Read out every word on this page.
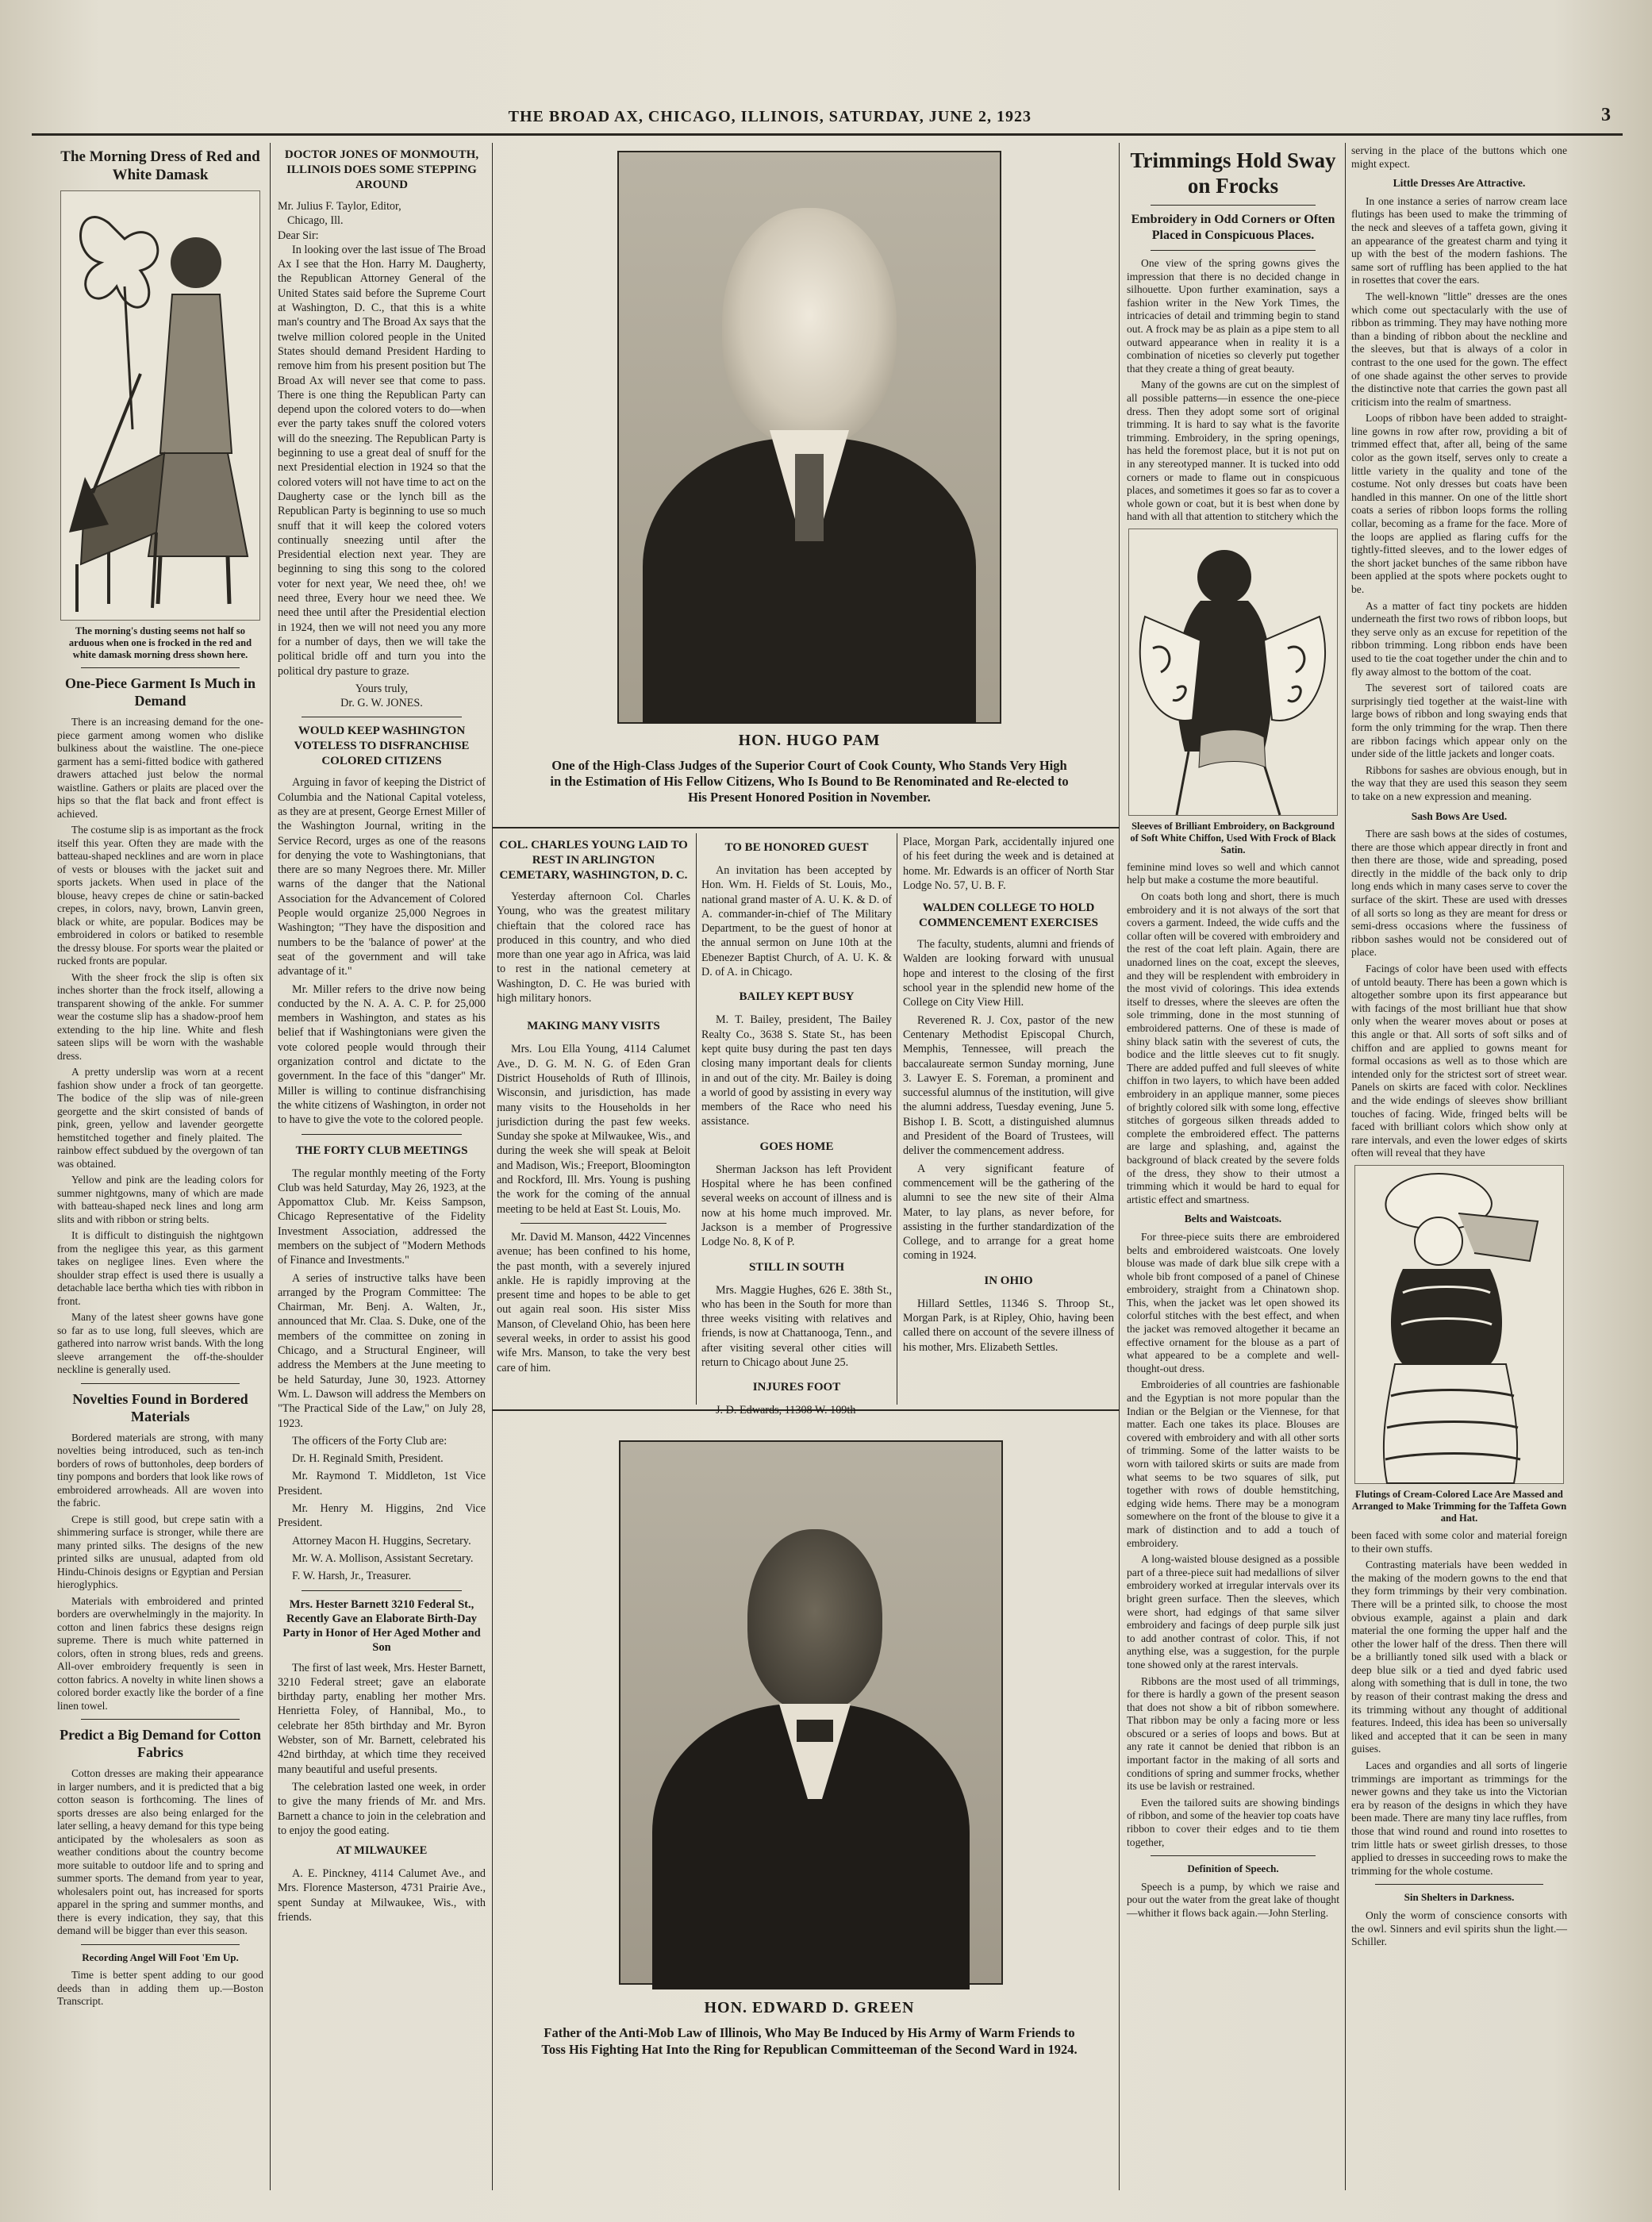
THE BROAD AX, CHICAGO, ILLINOIS, SATURDAY, JUNE 2, 1923	3
The Morning Dress of Red and White Damask
The morning's dusting seems not half so arduous when one is frocked in the red and white damask morning dress shown here.
One-Piece Garment Is Much in Demand

There is an increasing demand for the one-piece garment among women who dislike bulkiness about the waistline. The one-piece garment has a semi-fitted bodice with gathered drawers attached just below the normal waistline. Gathers or plaits are placed over the hips so that the flat back and front effect is achieved.

The costume slip is as important as the frock itself this year. Often they are made with the batteau-shaped necklines and are worn in place of vests or blouses with the jacket suit and sports jackets. When used in place of the blouse, heavy crepes de chine or satin-backed crepes, in colors, navy, brown, Lanvin green, black or white, are popular. Bodices may be embroidered in colors or batiked to resemble the dressy blouse. For sports wear the plaited or rucked fronts are popular.

With the sheer frock the slip is often six inches shorter than the frock itself, allowing a transparent showing of the ankle. For summer wear the costume slip has a shadow-proof hem extending to the hip line. White and flesh sateen slips will be worn with the washable dress.

A pretty underslip was worn at a recent fashion show under a frock of tan georgette. The bodice of the slip was of nile-green georgette and the skirt consisted of bands of pink, green, yellow and lavender georgette hemstitched together and finely plaited. The rainbow effect subdued by the overgown of tan was obtained.

Yellow and pink are the leading colors for summer nightgowns, many of which are made with batteau-shaped neck lines and long arm slits and with ribbon or string belts.

It is difficult to distinguish the nightgown from the negligee this year, as this garment takes on negligee lines. Even where the shoulder strap effect is used there is usually a detachable lace bertha which ties with ribbon in front.

Many of the latest sheer gowns have gone so far as to use long, full sleeves, which are gathered into narrow wrist bands. With the long sleeve arrangement the off-the-shoulder neckline is generally used.

Novelties Found in Bordered Materials

Bordered materials are strong, with many novelties being introduced, such as ten-inch borders of rows of buttonholes, deep borders of tiny pompons and borders that look like rows of embroidered arrowheads. All are woven into the fabric.

Crepe is still good, but crepe satin with a shimmering surface is stronger, while there are many printed silks. The designs of the new printed silks are unusual, adapted from old Hindu-Chinois designs or Egyptian and Persian hieroglyphics.

Materials with embroidered and printed borders are overwhelmingly in the majority. In cotton and linen fabrics these designs reign supreme. There is much white patterned in colors, often in strong blues, reds and greens. All-over embroidery frequently is seen in cotton fabrics. A novelty in white linen shows a colored border exactly like the border of a fine linen towel.

Predict a Big Demand for Cotton Fabrics

Cotton dresses are making their appearance in larger numbers, and it is predicted that a big cotton season is forthcoming. The lines of sports dresses are also being enlarged for the later selling, a heavy demand for this type being anticipated by the wholesalers as soon as weather conditions about the country become more suitable to outdoor life and to spring and summer sports. The demand from year to year, wholesalers point out, has increased for sports apparel in the spring and summer months, and there is every indication, they say, that this demand will be bigger than ever this season.

Recording Angel Will Foot 'Em Up.

Time is better spent adding to our good deeds than in adding them up.—Boston Transcript.

DOCTOR JONES OF MONMOUTH, ILLINOIS DOES SOME STEPPING AROUND
Mr. Julius F. Taylor, Editor,
Chicago, Ill.
Dear Sir:

In looking over the last issue of The Broad Ax I see that the Hon. Harry M. Daugherty, the Republican Attorney General of the United States said before the Supreme Court at Washington, D. C., that this is a white man's country and The Broad Ax says that the twelve million colored people in the United States should demand President Harding to remove him from his present position but The Broad Ax will never see that come to pass. There is one thing the Republican Party can depend upon the colored voters to do—when ever the party takes snuff the colored voters will do the sneezing. The Republican Party is beginning to use a great deal of snuff for the next Presidential election in 1924 so that the colored voters will not have time to act on the Daugherty case or the lynch bill as the Republican Party is beginning to use so much snuff that it will keep the colored voters continually sneezing until after the Presidential election next year. They are beginning to sing this song to the colored voter for next year, We need thee, oh! we need three, Every hour we need thee. We need thee until after the Presidential election in 1924, then we will not need you any more for a number of days, then we will take the political bridle off and turn you into the political dry pasture to graze.

Yours truly,
Dr. G. W. JONES.
WOULD KEEP WASHINGTON VOTELESS TO DISFRANCHISE COLORED CITIZENS

Arguing in favor of keeping the District of Columbia and the National Capital voteless, as they are at present, George Ernest Miller of the Washington Journal, writing in the Service Record, urges as one of the reasons for denying the vote to Washingtonians, that there are so many Negroes there. Mr. Miller warns of the danger that the National Association for the Advancement of Colored People would organize 25,000 Negroes in Washington; "They have the disposition and numbers to be the 'balance of power' at the seat of the government and will take advantage of it."

Mr. Miller refers to the drive now being conducted by the N. A. A. C. P. for 25,000 members in Washington, and states as his belief that if Washingtonians were given the vote colored people would through their organization control and dictate to the government. In the face of this "danger" Mr. Miller is willing to continue disfranchising the white citizens of Washington, in order not to have to give the vote to the colored people.

THE FORTY CLUB MEETINGS

The regular monthly meeting of the Forty Club was held Saturday, May 26, 1923, at the Appomattox Club. Mr. Keiss Sampson, Chicago Representative of the Fidelity Investment Association, addressed the members on the subject of "Modern Methods of Finance and Investments."

A series of instructive talks have been arranged by the Program Committee: The Chairman, Mr. Benj. A. Walten, Jr., announced that Mr. Claa. S. Duke, one of the members of the committee on zoning in Chicago, and a Structural Engineer, will address the Members at the June meeting to be held Saturday, June 30, 1923. Attorney Wm. L. Dawson will address the Members on "The Practical Side of the Law," on July 28, 1923.

The officers of the Forty Club are:

Dr. H. Reginald Smith, President.

Mr. Raymond T. Middleton, 1st Vice President.

Mr. Henry M. Higgins, 2nd Vice President.

Attorney Macon H. Huggins, Secretary.

Mr. W. A. Mollison, Assistant Secretary.

F. W. Harsh, Jr., Treasurer.

Mrs. Hester Barnett 3210 Federal St., Recently Gave an Elaborate Birth-Day Party in Honor of Her Aged Mother and Son

The first of last week, Mrs. Hester Barnett, 3210 Federal street; gave an elaborate birthday party, enabling her mother Mrs. Henrietta Foley, of Hannibal, Mo., to celebrate her 85th birthday and Mr. Byron Webster, son of Mr. Barnett, celebrated his 42nd birthday, at which time they received many beautiful and useful presents.

The celebration lasted one week, in order to give the many friends of Mr. and Mrs. Barnett a chance to join in the celebration and to enjoy the good eating.

AT MILWAUKEE

A. E. Pinckney, 4114 Calumet Ave., and Mrs. Florence Masterson, 4731 Prairie Ave., spent Sunday at Milwaukee, Wis., with friends.

HON. HUGO PAM
One of the High-Class Judges of the Superior Court of Cook County, Who Stands Very High in the Estimation of His Fellow Citizens, Who Is Bound to Be Renominated and Re-elected to His Present Honored Position in November.
COL. CHARLES YOUNG LAID TO REST IN ARLINGTON CEMETARY, WASHINGTON, D. C.

Yesterday afternoon Col. Charles Young, who was the greatest military chieftain that the colored race has produced in this country, and who died more than one year ago in Africa, was laid to rest in the national cemetery at Washington, D. C. He was buried with high military honors.

MAKING MANY VISITS

Mrs. Lou Ella Young, 4114 Calumet Ave., D. G. M. N. G. of Eden Gran District Households of Ruth of Illinois, Wisconsin, and jurisdiction, has made many visits to the Households in her jurisdiction during the past few weeks. Sunday she spoke at Milwaukee, Wis., and during the week she will speak at Beloit and Madison, Wis.; Freeport, Bloomington and Rockford, Ill. Mrs. Young is pushing the work for the coming of the annual meeting to be held at East St. Louis, Mo.

Mr. David M. Manson, 4422 Vincennes avenue; has been confined to his home, the past month, with a severely injured ankle. He is rapidly improving at the present time and hopes to be able to get out again real soon. His sister Miss Manson, of Cleveland Ohio, has been here several weeks, in order to assist his good wife Mrs. Manson, to take the very best care of him.

TO BE HONORED GUEST

An invitation has been accepted by Hon. Wm. H. Fields of St. Louis, Mo., national grand master of A. U. K. & D. of A. commander-in-chief of The Military Department, to be the guest of honor at the annual sermon on June 10th at the Ebenezer Baptist Church, of A. U. K. & D. of A. in Chicago.

BAILEY KEPT BUSY

M. T. Bailey, president, The Bailey Realty Co., 3638 S. State St., has been kept quite busy during the past ten days closing many important deals for clients in and out of the city. Mr. Bailey is doing a world of good by assisting in every way members of the Race who need his assistance.

GOES HOME

Sherman Jackson has left Provident Hospital where he has been confined several weeks on account of illness and is now at his home much improved. Mr. Jackson is a member of Progressive Lodge No. 8, K of P.

STILL IN SOUTH

Mrs. Maggie Hughes, 626 E. 38th St., who has been in the South for more than three weeks visiting with relatives and friends, is now at Chattanooga, Tenn., and after visiting several other cities will return to Chicago about June 25.

INJURES FOOT

J. D. Edwards, 11308 W. 109th

Place, Morgan Park, accidentally injured one of his feet during the week and is detained at home. Mr. Edwards is an officer of North Star Lodge No. 57, U. B. F.

WALDEN COLLEGE TO HOLD COMMENCEMENT EXERCISES

The faculty, students, alumni and friends of Walden are looking forward with unusual hope and interest to the closing of the first school year in the splendid new home of the College on City View Hill.

Reverened R. J. Cox, pastor of the new Centenary Methodist Episcopal Church, Memphis, Tennessee, will preach the baccalaureate sermon Sunday morning, June 3. Lawyer E. S. Foreman, a prominent and successful alumnus of the institution, will give the alumni address, Tuesday evening, June 5. Bishop I. B. Scott, a distinguished alumnus and President of the Board of Trustees, will deliver the commencement address.

A very significant feature of commencement will be the gathering of the alumni to see the new site of their Alma Mater, to lay plans, as never before, for assisting in the further standardization of the College, and to arrange for a great home coming in 1924.

IN OHIO

Hillard Settles, 11346 S. Throop St., Morgan Park, is at Ripley, Ohio, having been called there on account of the severe illness of his mother, Mrs. Elizabeth Settles.

HON. EDWARD D. GREEN
Father of the Anti-Mob Law of Illinois, Who May Be Induced by His Army of Warm Friends to Toss His Fighting Hat Into the Ring for Republican Committeeman of the Second Ward in 1924.
Trimmings Hold Sway on Frocks
Embroidery in Odd Corners or Often Placed in Conspicuous Places.

One view of the spring gowns gives the impression that there is no decided change in silhouette. Upon further examination, says a fashion writer in the New York Times, the intricacies of detail and trimming begin to stand out. A frock may be as plain as a pipe stem to all outward appearance when in reality it is a combination of niceties so cleverly put together that they create a thing of great beauty.

Many of the gowns are cut on the simplest of all possible patterns—in essence the one-piece dress. Then they adopt some sort of original trimming. It is hard to say what is the favorite trimming. Embroidery, in the spring openings, has held the foremost place, but it is not put on in any stereotyped manner. It is tucked into odd corners or made to flame out in conspicuous places, and sometimes it goes so far as to cover a whole gown or coat, but it is best when done by hand with all that attention to stitchery which the

Sleeves of Brilliant Embroidery, on Background of Soft White Chiffon, Used With Frock of Black Satin.

feminine mind loves so well and which cannot help but make a costume the more beautiful.

On coats both long and short, there is much embroidery and it is not always of the sort that covers a garment. Indeed, the wide cuffs and the collar often will be covered with embroidery and the rest of the coat left plain. Again, there are unadorned lines on the coat, except the sleeves, and they will be resplendent with embroidery in the most vivid of colorings. This idea extends itself to dresses, where the sleeves are often the sole trimming, done in the most stunning of embroidered patterns. One of these is made of shiny black satin with the severest of cuts, the bodice and the little sleeves cut to fit snugly. There are added puffed and full sleeves of white chiffon in two layers, to which have been added embroidery in an applique manner, some pieces of brightly colored silk with some long, effective stitches of gorgeous silken threads added to complete the embroidered effect. The patterns are large and splashing, and, against the background of black created by the severe folds of the dress, they show to their utmost a trimming which it would be hard to equal for artistic effect and smartness.

Belts and Waistcoats.

For three-piece suits there are embroidered belts and embroidered waistcoats. One lovely blouse was made of dark blue silk crepe with a whole bib front composed of a panel of Chinese embroidery, straight from a Chinatown shop. This, when the jacket was let open showed its colorful stitches with the best effect, and when the jacket was removed altogether it became an effective ornament for the blouse as a part of what appeared to be a complete and well-thought-out dress.

Embroideries of all countries are fashionable and the Egyptian is not more popular than the Indian or the Belgian or the Viennese, for that matter. Each one takes its place. Blouses are covered with embroidery and with all other sorts of trimming. Some of the latter waists to be worn with tailored skirts or suits are made from what seems to be two squares of silk, put together with rows of double hemstitching, edging wide hems. There may be a monogram somewhere on the front of the blouse to give it a mark of distinction and to add a touch of embroidery.

A long-waisted blouse designed as a possible part of a three-piece suit had medallions of silver embroidery worked at irregular intervals over its bright green surface. Then the sleeves, which were short, had edgings of that same silver embroidery and facings of deep purple silk just to add another contrast of color. This, if not anything else, was a suggestion, for the purple tone showed only at the rarest intervals.

Ribbons are the most used of all trimmings, for there is hardly a gown of the present season that does not show a bit of ribbon somewhere. That ribbon may be only a facing more or less obscured or a series of loops and bows. But at any rate it cannot be denied that ribbon is an important factor in the making of all sorts and conditions of spring and summer frocks, whether its use be lavish or restrained.

Even the tailored suits are showing bindings of ribbon, and some of the heavier top coats have ribbon to cover their edges and to tie them together,

Definition of Speech.

Speech is a pump, by which we raise and pour out the water from the great lake of thought—whither it flows back again.—John Sterling.

serving in the place of the buttons which one might expect.

Little Dresses Are Attractive.

In one instance a series of narrow cream lace flutings has been used to make the trimming of the neck and sleeves of a taffeta gown, giving it an appearance of the greatest charm and tying it up with the best of the modern fashions. The same sort of ruffling has been applied to the hat in rosettes that cover the ears.

The well-known "little" dresses are the ones which come out spectacularly with the use of ribbon as trimming. They may have nothing more than a binding of ribbon about the neckline and the sleeves, but that is always of a color in contrast to the one used for the gown. The effect of one shade against the other serves to provide the distinctive note that carries the gown past all criticism into the realm of smartness.

Loops of ribbon have been added to straight-line gowns in row after row, providing a bit of trimmed effect that, after all, being of the same color as the gown itself, serves only to create a little variety in the quality and tone of the costume. Not only dresses but coats have been handled in this manner. On one of the little short coats a series of ribbon loops forms the rolling collar, becoming as a frame for the face. More of the loops are applied as flaring cuffs for the tightly-fitted sleeves, and to the lower edges of the short jacket bunches of the same ribbon have been applied at the spots where pockets ought to be.

As a matter of fact tiny pockets are hidden underneath the first two rows of ribbon loops, but they serve only as an excuse for repetition of the ribbon trimming. Long ribbon ends have been used to tie the coat together under the chin and to fly away almost to the bottom of the coat.

The severest sort of tailored coats are surprisingly tied together at the waist-line with large bows of ribbon and long swaying ends that form the only trimming for the wrap. Then there are ribbon facings which appear only on the under side of the little jackets and longer coats.

Ribbons for sashes are obvious enough, but in the way that they are used this season they seem to take on a new expression and meaning.

Sash Bows Are Used.

There are sash bows at the sides of costumes, there are those which appear directly in front and then there are those, wide and spreading, posed directly in the middle of the back only to drip long ends which in many cases serve to cover the surface of the skirt. These are used with dresses of all sorts so long as they are meant for dress or semi-dress occasions where the fussiness of ribbon sashes would not be considered out of place.

Facings of color have been used with effects of untold beauty. There has been a gown which is altogether sombre upon its first appearance but with facings of the most brilliant hue that show only when the wearer moves about or poses at this angle or that. All sorts of soft silks and of chiffon and are applied to gowns meant for formal occasions as well as to those which are intended only for the strictest sort of street wear. Panels on skirts are faced with color. Necklines and the wide endings of sleeves show brilliant touches of facing. Wide, fringed belts will be faced with brilliant colors which show only at rare intervals, and even the lower edges of skirts often will reveal that they have

Flutings of Cream-Colored Lace Are Massed and Arranged to Make Trimming for the Taffeta Gown and Hat.

been faced with some color and material foreign to their own stuffs.

Contrasting materials have been wedded in the making of the modern gowns to the end that they form trimmings by their very combination. There will be a printed silk, to choose the most obvious example, against a plain and dark material the one forming the upper half and the other the lower half of the dress. Then there will be a brilliantly toned silk used with a black or deep blue silk or a tied and dyed fabric used along with something that is dull in tone, the two by reason of their contrast making the dress and its trimming without any thought of additional features. Indeed, this idea has been so universally liked and accepted that it can be seen in many guises.

Laces and organdies and all sorts of lingerie trimmings are important as trimmings for the newer gowns and they take us into the Victorian era by reason of the designs in which they have been made. There are many tiny lace ruffles, from those that wind round and round into rosettes to trim little hats or sweet girlish dresses, to those applied to dresses in succeeding rows to make the trimming for the whole costume.

Sin Shelters in Darkness.

Only the worm of conscience consorts with the owl. Sinners and evil spirits shun the light.—Schiller.
